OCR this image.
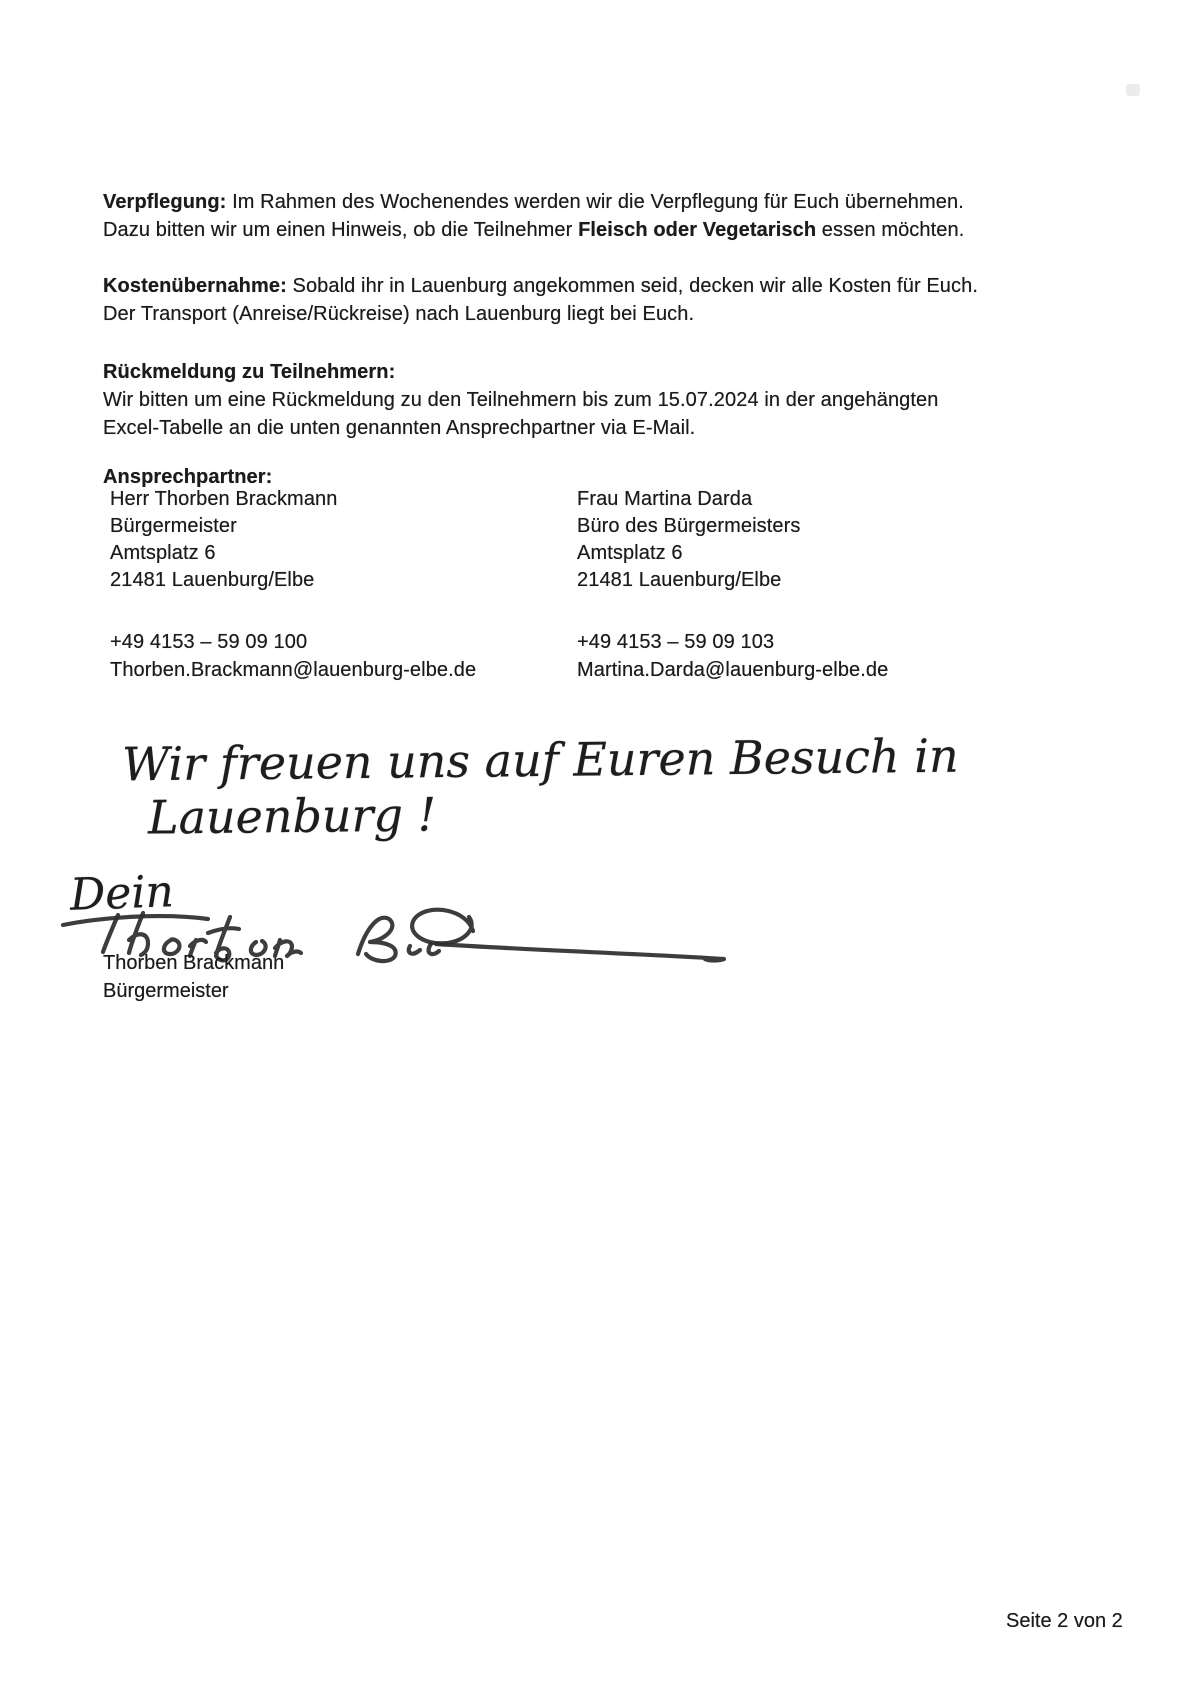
Verpflegung: Im Rahmen des Wochenendes werden wir die Verpflegung für Euch übernehmen.
Dazu bitten wir um einen Hinweis, ob die Teilnehmer Fleisch oder Vegetarisch essen möchten.
Kostenübernahme: Sobald ihr in Lauenburg angekommen seid, decken wir alle Kosten für Euch.
Der Transport (Anreise/Rückreise) nach Lauenburg liegt bei Euch.
Rückmeldung zu Teilnehmern:
Wir bitten um eine Rückmeldung zu den Teilnehmern bis zum 15.07.2024 in der angehängten
Excel-Tabelle an die unten genannten Ansprechpartner via E-Mail.
Ansprechpartner:
Herr Thorben Brackmann
Bürgermeister
Amtsplatz 6
21481 Lauenburg/Elbe
+49 4153 – 59 09 100
Thorben.Brackmann@lauenburg-elbe.de
Frau Martina Darda
Büro des Bürgermeisters
Amtsplatz 6
21481 Lauenburg/Elbe
+49 4153 – 59 09 103
Martina.Darda@lauenburg-elbe.de
Wir freuen uns auf Euren Besuch in
Lauenburg !
Dein
Thorben Brackmann
Bürgermeister
Seite 2 von 2
